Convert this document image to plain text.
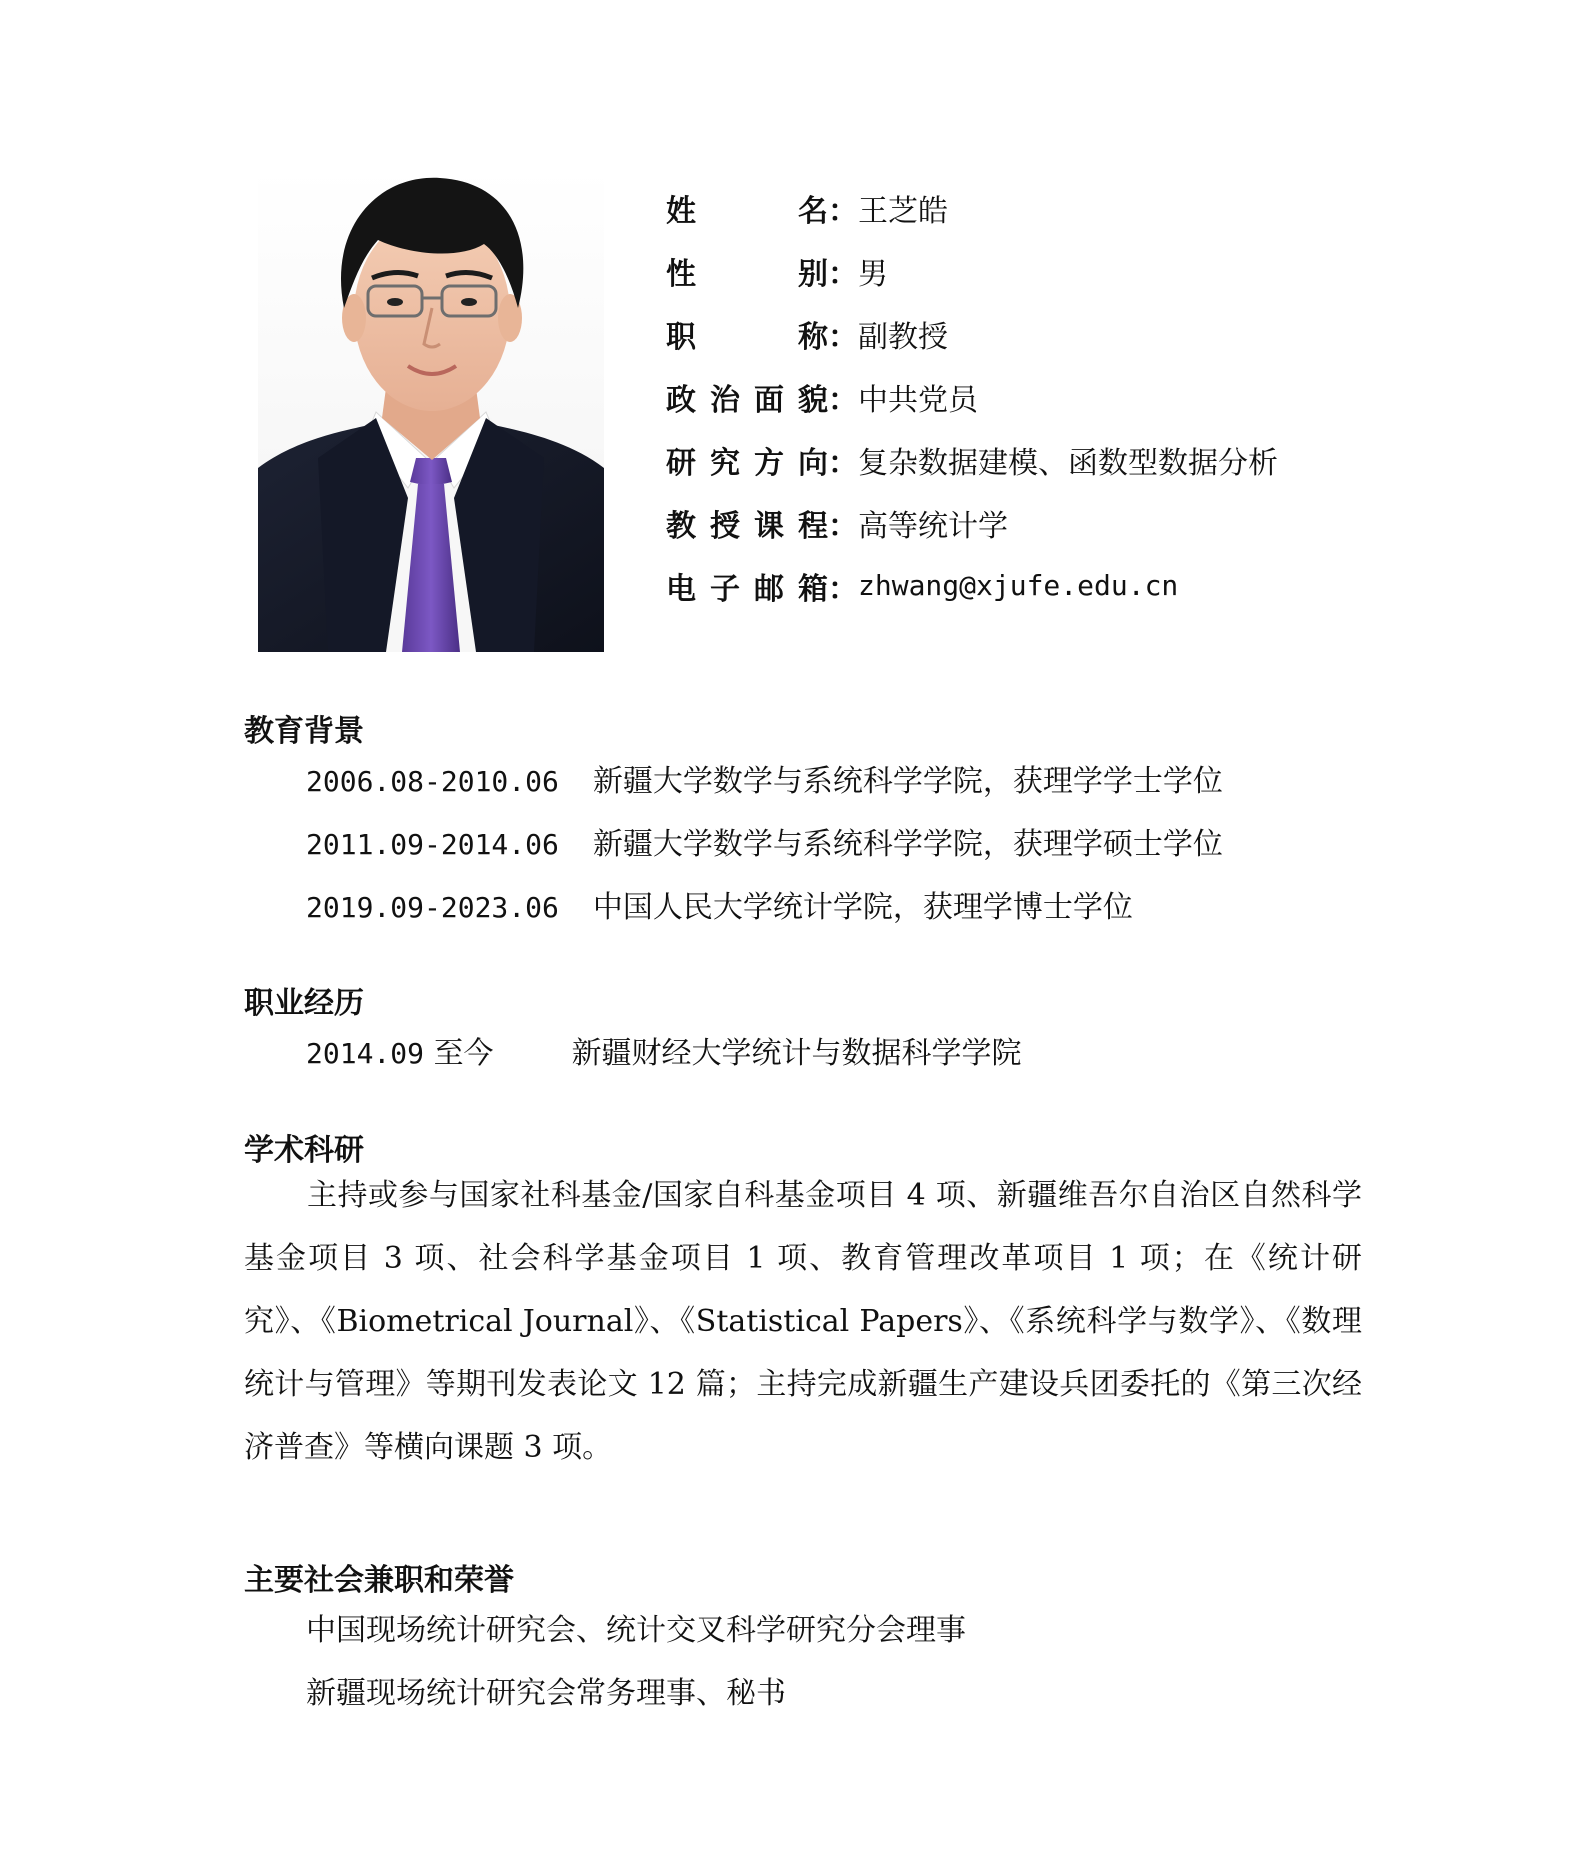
姓	名 ： 王芝皓
性	别 ： 男
职	称 ： 副教授
政 治 面 貌 ： 中共党员
研 究 方 向 ： 复杂数据建模、函数型数据分析
教 授 课 程 ： 高等统计学
电 子 邮 箱 ： zhwang@xjufe.edu.cn
教育背景
2006.08-2010.06 新疆大学数学与系统科学学院，获理学学士学位
2011.09-2014.06 新疆大学数学与系统科学学院，获理学硕士学位
2019.09-2023.06 中国人民大学统计学院，获理学博士学位
职业经历
2014.09 至今	新疆财经大学统计与数据科学学院
学术科研
主持或参与国家社科基金/国家自科基金项目 4 项、新疆维吾尔自治区自然科学基金项目 3 项、社会科学基金项目 1 项、教育管理改革项目 1 项；在《统计研究》、《Biometrical Journal》、《Statistical Papers》、《系统科学与数学》、《数理统计与管理》等期刊发表论文 12 篇；主持完成新疆生产建设兵团委托的《第三次经济普查》等横向课题 3 项。
主要社会兼职和荣誉
中国现场统计研究会、统计交叉科学研究分会理事
新疆现场统计研究会常务理事、秘书
